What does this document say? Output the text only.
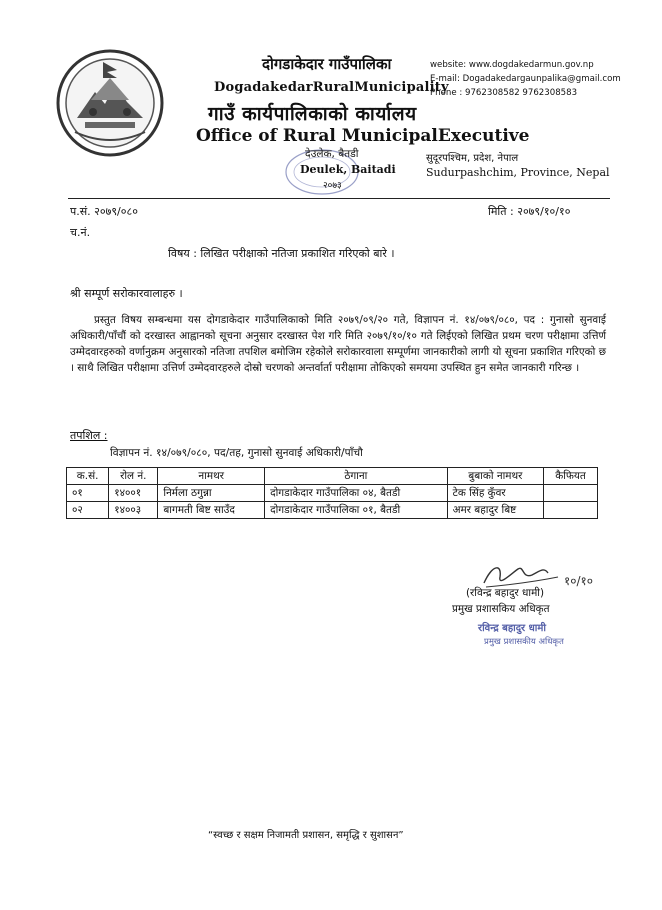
दोगडाकेदार गाउँपालिका
DogadakedarRuralMunicipality
गाउँ कार्यपालिकाको कार्यालय
Office of Rural MunicipalExecutive
website: www.dogdakedarmun.gov.np
E-mail: Dogadakedargaunpalika@gmail.com
Phone : 9762308582 9762308583
देउलेक, बैतडी
Deulek, Baitadi
२०७३
सुदूरपश्चिम, प्रदेश, नेपाल
Sudurpashchim, Province, Nepal
प.सं. २०७९/०८०	मिति : २०७९/१०/१०
च.नं.
विषय : लिखित परीक्षाको नतिजा प्रकाशित गरिएको बारे ।
श्री सम्पूर्ण सरोकारवालाहरु ।
प्रस्तुत विषय सम्बन्धमा यस दोगडाकेदार गाउँपालिकाको मिति २०७९/०९/२० गते, विज्ञापन नं. १४/०७९/०८०, पद : गुनासो सुनवाई अधिकारी/पाँचौं को दरखास्त आह्वानको सूचना अनुसार दरखास्त पेश गरि मिति २०७९/१०/१० गते लिईएको लिखित प्रथम चरण परीक्षामा उत्तिर्ण उम्मेदवारहरुको वर्णानुक्रम अनुसारको नतिजा तपशिल बमोजिम रहेकोले सरोकारवाला सम्पूर्णमा जानकारीको लागी यो सूचना प्रकाशित गरिएको छ । साथै लिखित परीक्षामा उत्तिर्ण उम्मेदवारहरुले दोस्रो चरणको अन्तर्वार्ता परीक्षामा तोकिएको समयमा उपस्थित हुन समेत जानकारी गरिन्छ ।
तपशिल :
विज्ञापन नं. १४/०७९/०८०, पद/तह, गुनासो सुनवाई अधिकारी/पाँचौ
क.सं.	रोल नं.	नामथर	ठेगाना	बुबाको नामथर	कैफियत
०१	१४००१	निर्मला ठगुन्ना	दोगडाकेदार गाउँपालिका ०४, बैतडी	टेक सिंह कुँवर	
०२	१४००३	बागमती बिष्ट साउँद	दोगडाकेदार गाउँपालिका ०१, बैतडी	अमर बहादुर बिष्ट	
१०/१०
(रविन्द्र बहादुर धामी)
प्रमुख प्रशासकिय अधिकृत
रविन्द्र बहादुर धामी
प्रमुख प्रशासकीय अधिकृत
“स्वच्छ र सक्षम निजामती प्रशासन, समृद्धि र सुशासन”
